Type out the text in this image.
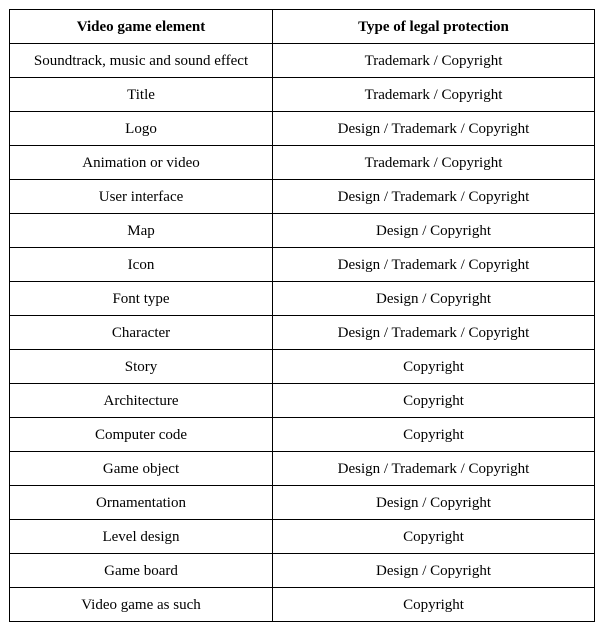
Video game element	Type of legal protection
Soundtrack, music and sound effect	Trademark / Copyright
Title	Trademark / Copyright
Logo	Design / Trademark / Copyright
Animation or video	Trademark / Copyright
User interface	Design / Trademark / Copyright
Map	Design / Copyright
Icon	Design / Trademark / Copyright
Font type	Design / Copyright
Character	Design / Trademark / Copyright
Story	Copyright
Architecture	Copyright
Computer code	Copyright
Game object	Design / Trademark / Copyright
Ornamentation	Design / Copyright
Level design	Copyright
Game board	Design / Copyright
Video game as such	Copyright
